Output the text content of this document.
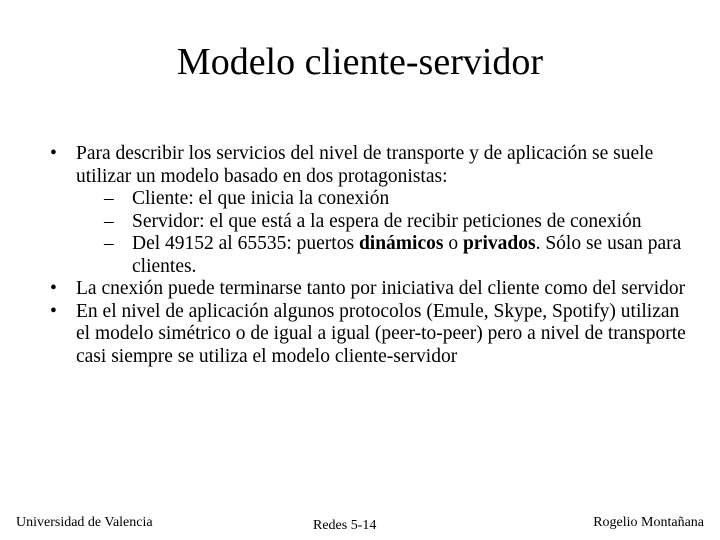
Modelo cliente-servidor
• Para describir los servicios del nivel de transporte y de aplicación se suele utilizar un modelo basado en dos protagonistas:
– Cliente: el que inicia la conexión
– Servidor: el que está a la espera de recibir peticiones de conexión
– Del 49152 al 65535: puertos dinámicos o privados. Sólo se usan para clientes.
• La cnexión puede terminarse tanto por iniciativa del cliente como del servidor
• En el nivel de aplicación algunos protocolos (Emule, Skype, Spotify) utilizan el modelo simétrico o de igual a igual (peer-to-peer) pero a nivel de transporte casi siempre se utiliza el modelo cliente-servidor
Universidad de Valencia	Redes 5-14	Rogelio Montañana
